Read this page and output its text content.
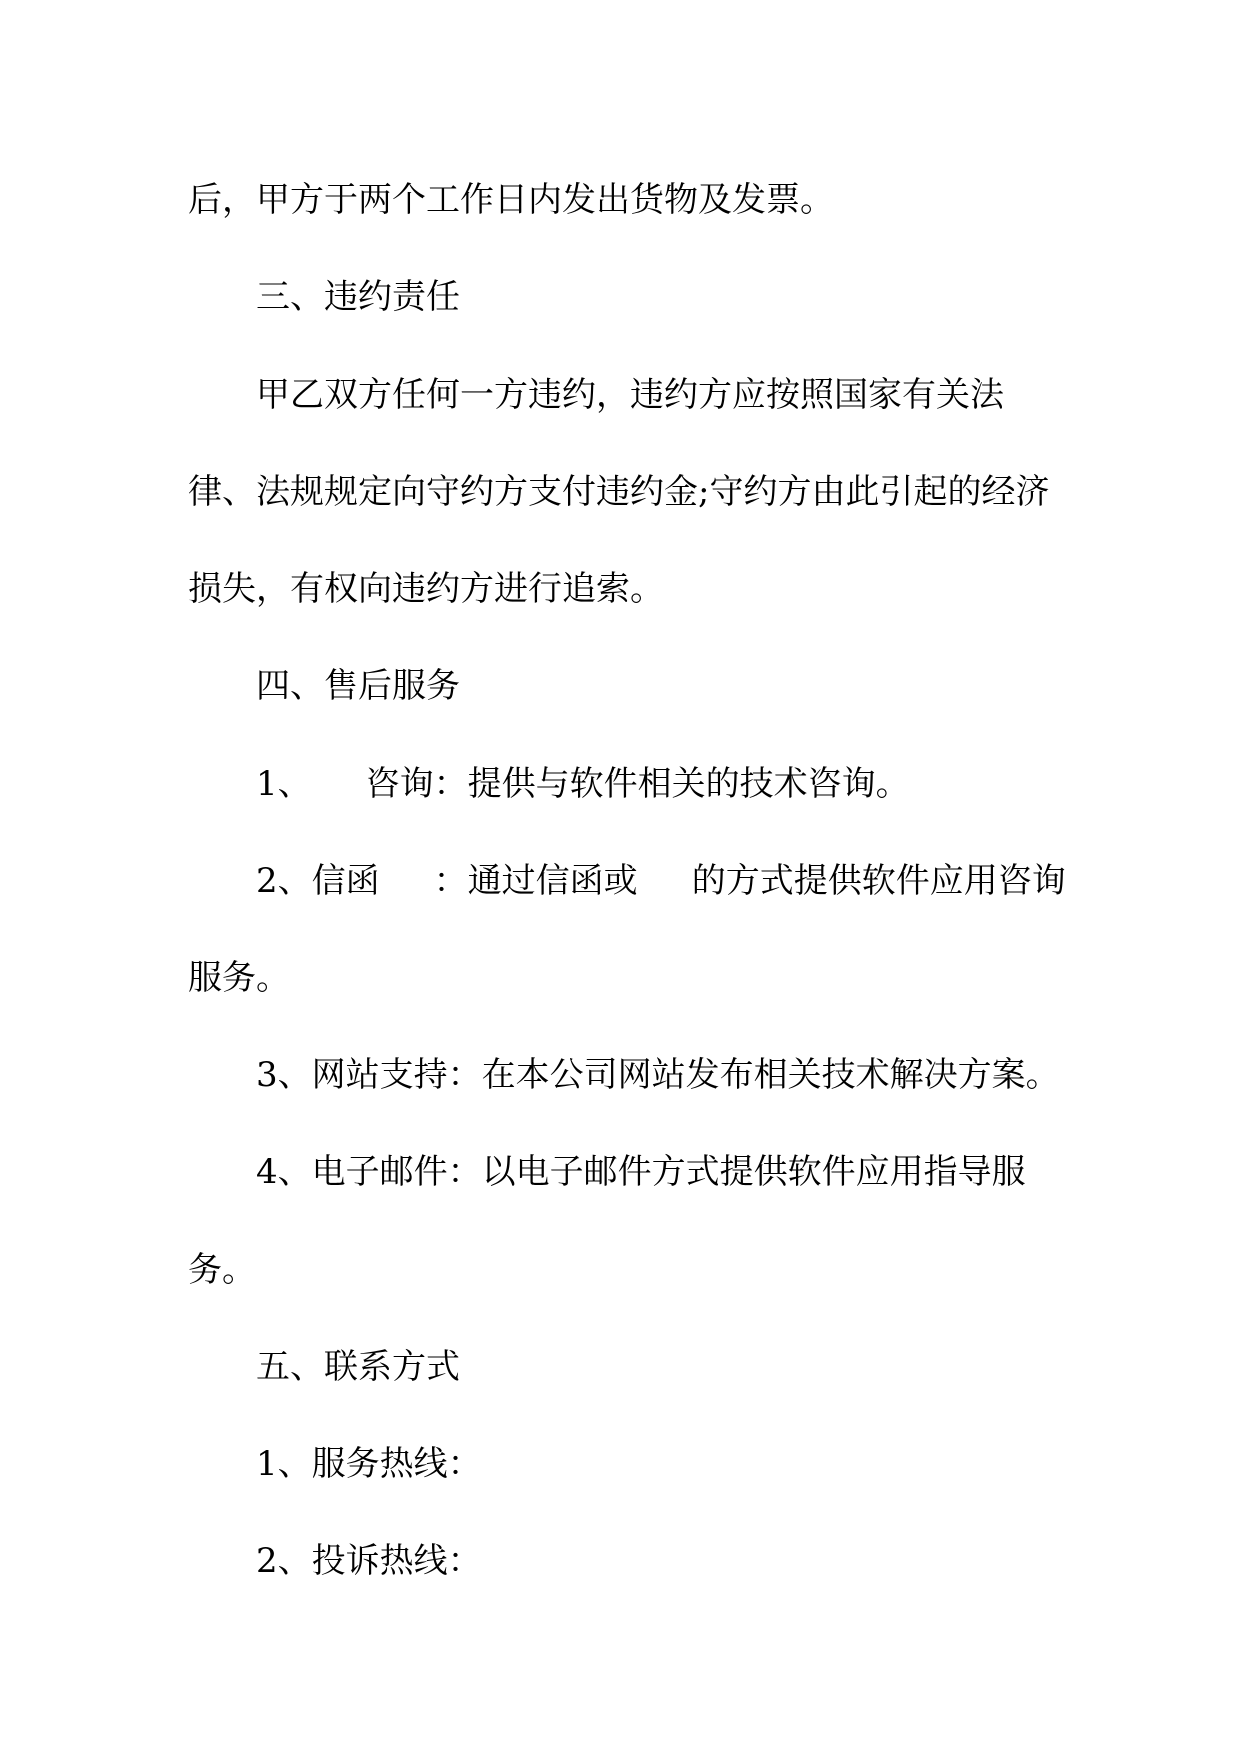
后，甲方于两个工作日内发出货物及发票。

三、违约责任

甲乙双方任何一方违约，违约方应按照国家有关法

律、法规规定向守约方支付违约金;守约方由此引起的经济

损失，有权向违约方进行追索。

四、售后服务

1、     咨询：提供与软件相关的技术咨询。

2、信函     ：通过信函或     的方式提供软件应用咨询

服务。

3、网站支持：在本公司网站发布相关技术解决方案。

4、电子邮件：以电子邮件方式提供软件应用指导服

务。

五、联系方式

1、服务热线：

2、投诉热线：
